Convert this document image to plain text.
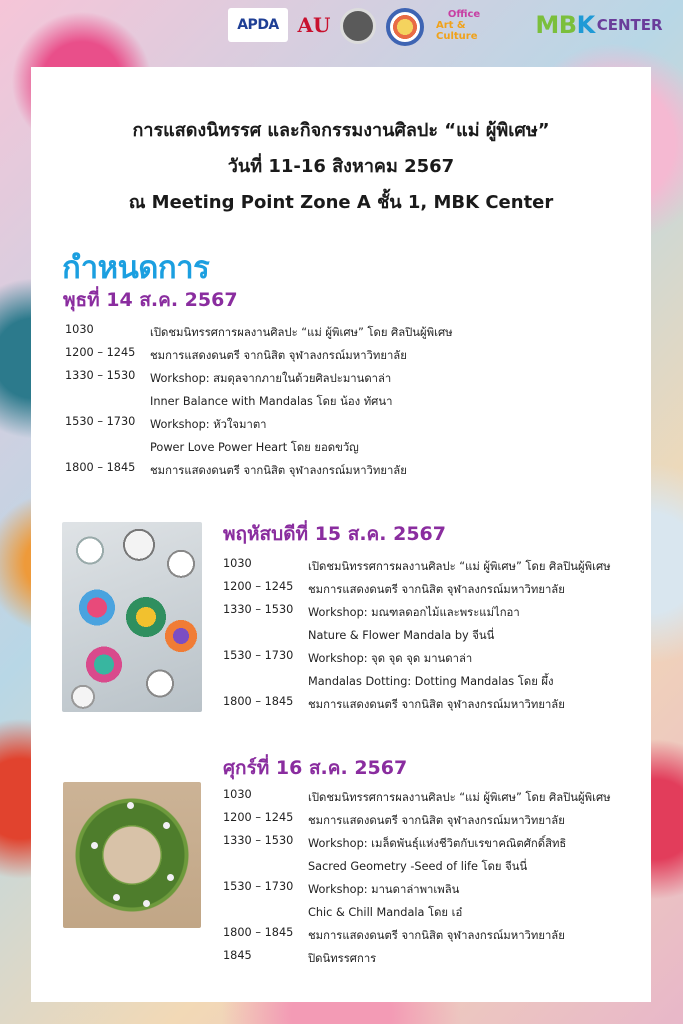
APDA AU	Office
Art & Culture	MB K CENTER
การแสดงนิทรรศ และกิจกรรมงานศิลปะ “แม่ ผู้พิเศษ”
วันที่ 11-16 สิงหาคม 2567
ณ Meeting Point Zone A ชั้น 1, MBK Center
กำหนดการ
พุธที่ 14 ส.ค. 2567
1030	เปิดชมนิทรรศการผลงานศิลปะ “แม่ ผู้พิเศษ” โดย ศิลปินผู้พิเศษ
1200 – 1245	ชมการแสดงดนตรี จากนิสิต จุฬาลงกรณ์มหาวิทยาลัย
1330 – 1530	Workshop: สมดุลจากภายในด้วยศิลปะมานดาล่า
Inner Balance with Mandalas โดย น้อง ทัศนา
1530 – 1730	Workshop: หัวใจมาตา
Power Love Power Heart โดย ยอดขวัญ
1800 – 1845	ชมการแสดงดนตรี จากนิสิต จุฬาลงกรณ์มหาวิทยาลัย
พฤหัสบดีที่ 15 ส.ค. 2567
1030	เปิดชมนิทรรศการผลงานศิลปะ “แม่ ผู้พิเศษ” โดย ศิลปินผู้พิเศษ
1200 – 1245	ชมการแสดงดนตรี จากนิสิต จุฬาลงกรณ์มหาวิทยาลัย
1330 – 1530	Workshop: มณฑลดอกไม้และพระแม่ไกอา
Nature & Flower Mandala by จีนนี่
1530 – 1730	Workshop: จุด จุด จุด มานดาล่า
Mandalas Dotting: Dotting Mandalas โดย ผึ้ง
1800 – 1845	ชมการแสดงดนตรี จากนิสิต จุฬาลงกรณ์มหาวิทยาลัย
ศุกร์ที่ 16 ส.ค. 2567
1030	เปิดชมนิทรรศการผลงานศิลปะ “แม่ ผู้พิเศษ” โดย ศิลปินผู้พิเศษ
1200 – 1245	ชมการแสดงดนตรี จากนิสิต จุฬาลงกรณ์มหาวิทยาลัย
1330 – 1530	Workshop: เมล็ดพันธุ์แห่งชีวิตกับเรขาคณิตศักดิ์สิทธิ
Sacred Geometry -Seed of life โดย จีนนี่
1530 – 1730	Workshop: มานดาล่าพาเพลิน
Chic & Chill Mandala โดย เอ๋
1800 – 1845	ชมการแสดงดนตรี จากนิสิต จุฬาลงกรณ์มหาวิทยาลัย
1845	ปิดนิทรรศการ
